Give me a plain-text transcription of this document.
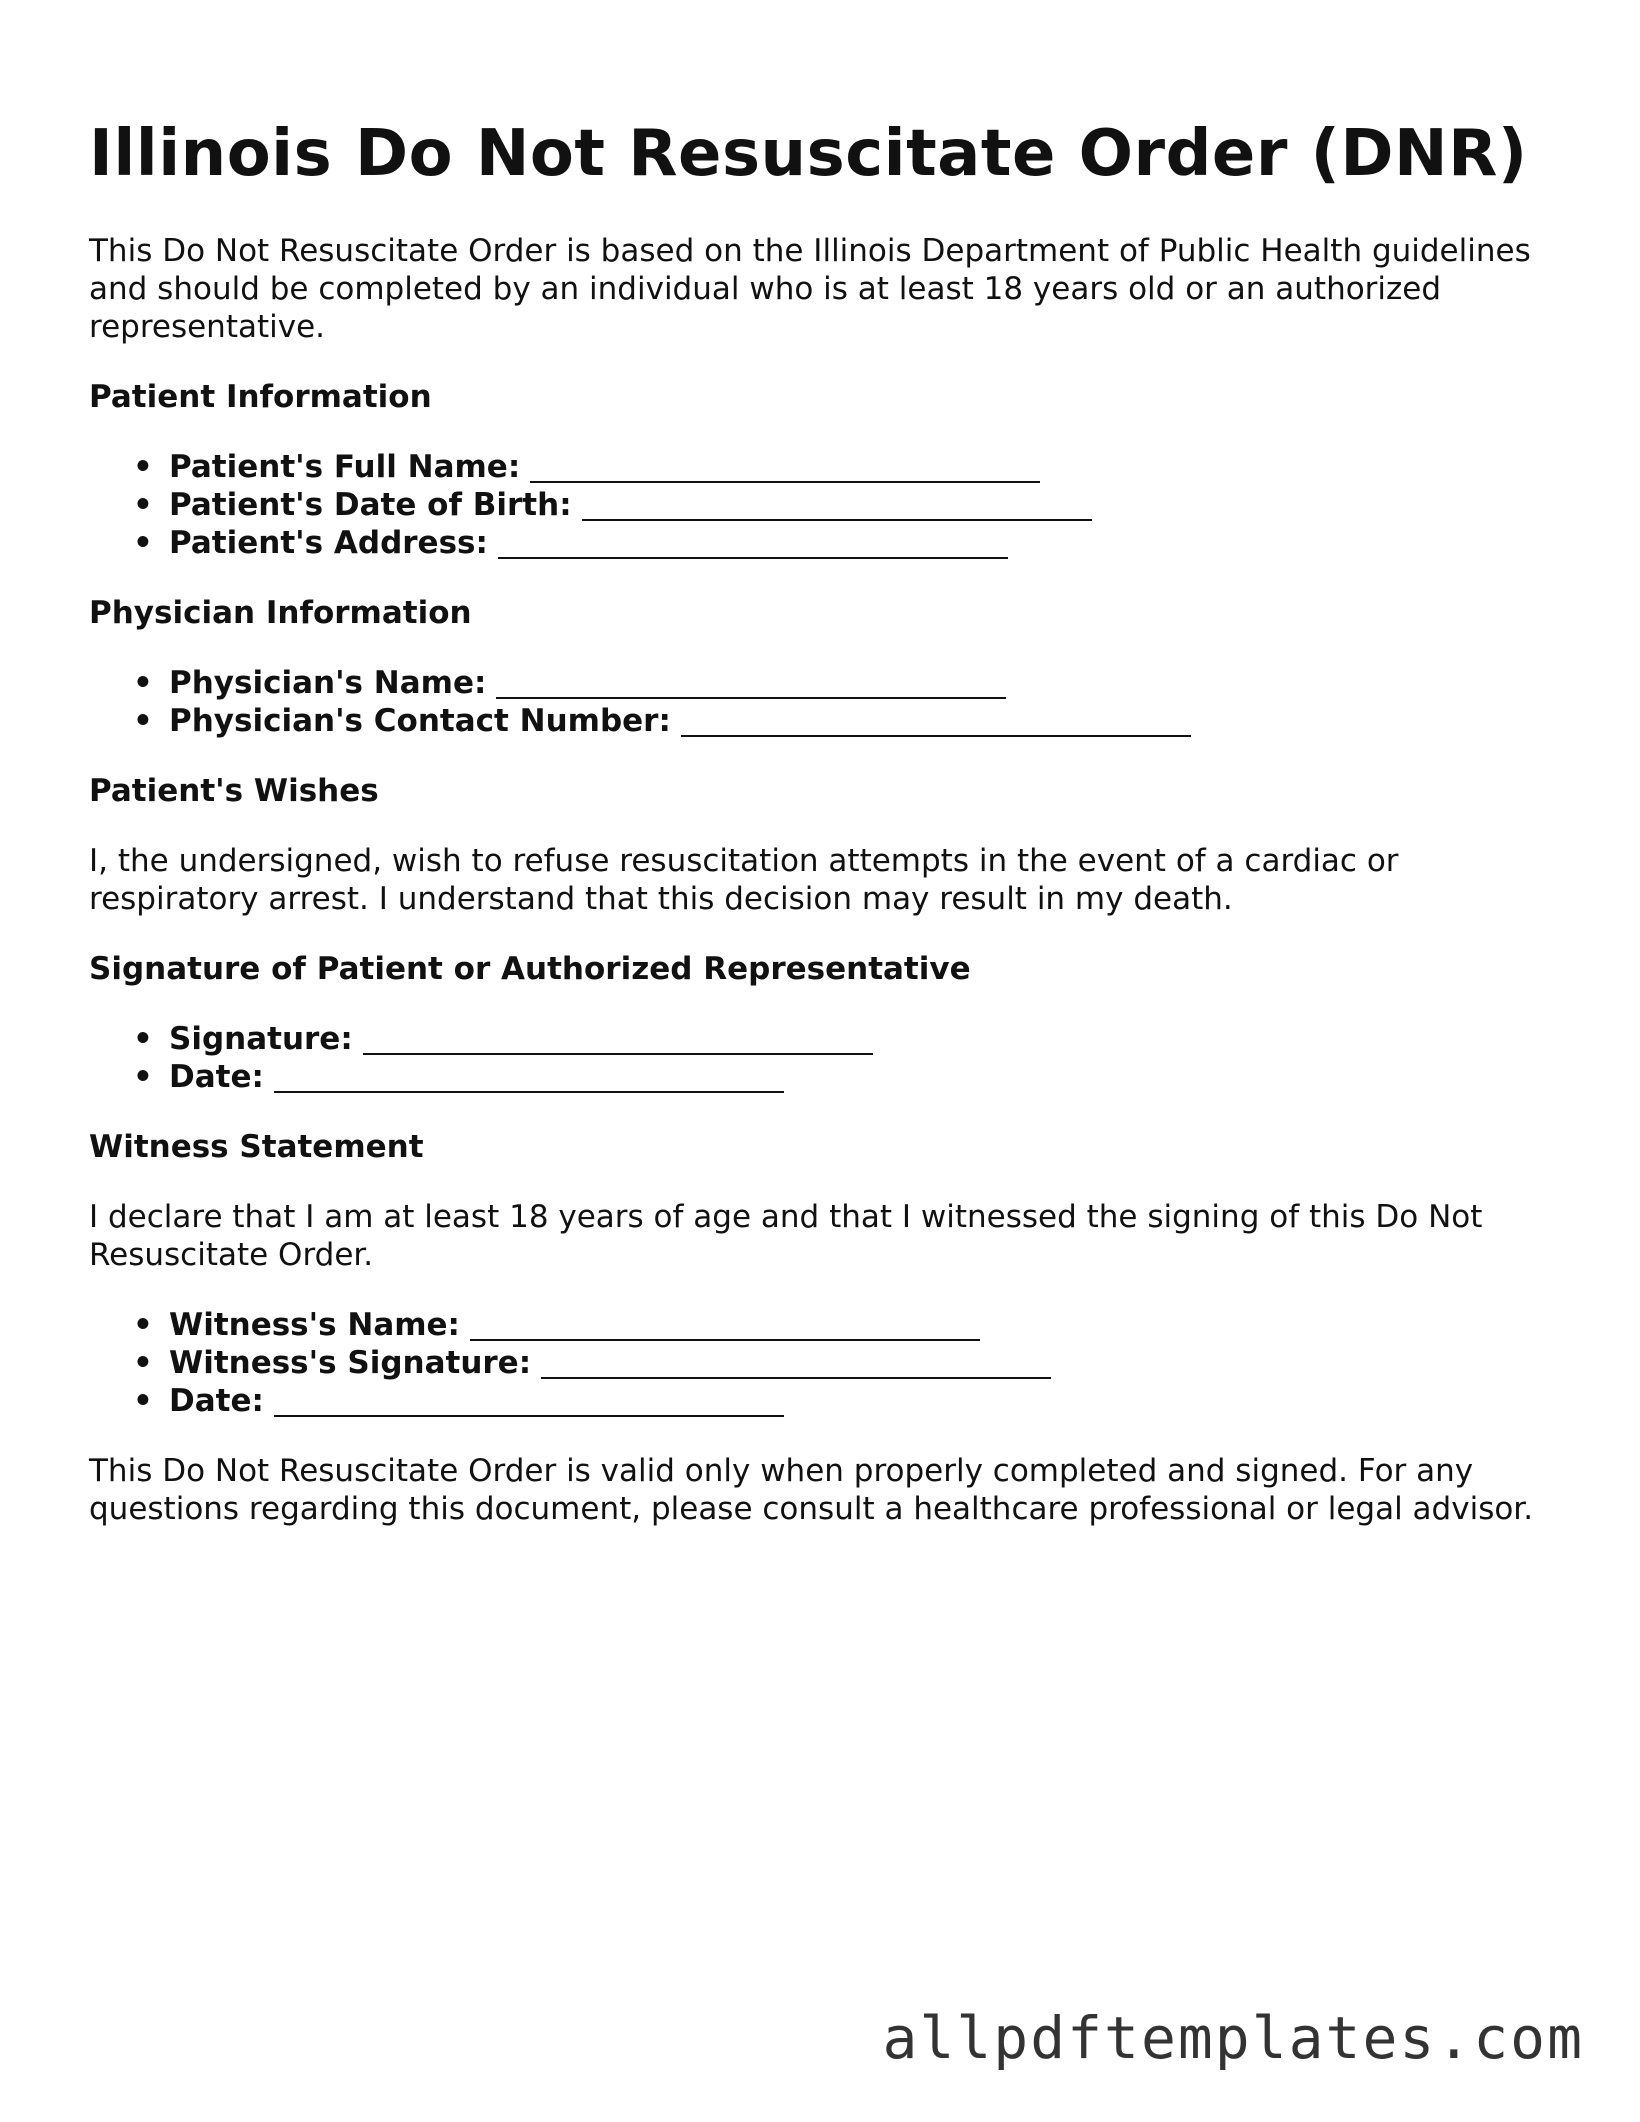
Illinois Do Not Resuscitate Order (DNR)

This Do Not Resuscitate Order is based on the Illinois Department of Public Health guidelines and should be completed by an individual who is at least 18 years old or an authorized representative.

Patient Information
• Patient's Full Name:
• Patient's Date of Birth:
• Patient's Address:
Physician Information
• Physician's Name:
• Physician's Contact Number:
Patient's Wishes

I, the undersigned, wish to refuse resuscitation attempts in the event of a cardiac or respiratory arrest. I understand that this decision may result in my death.

Signature of Patient or Authorized Representative
• Signature:
• Date:
Witness Statement

I declare that I am at least 18 years of age and that I witnessed the signing of this Do Not Resuscitate Order.

• Witness's Name:
• Witness's Signature:
• Date:

This Do Not Resuscitate Order is valid only when properly completed and signed. For any questions regarding this document, please consult a healthcare professional or legal advisor.

allpdftemplates.com
